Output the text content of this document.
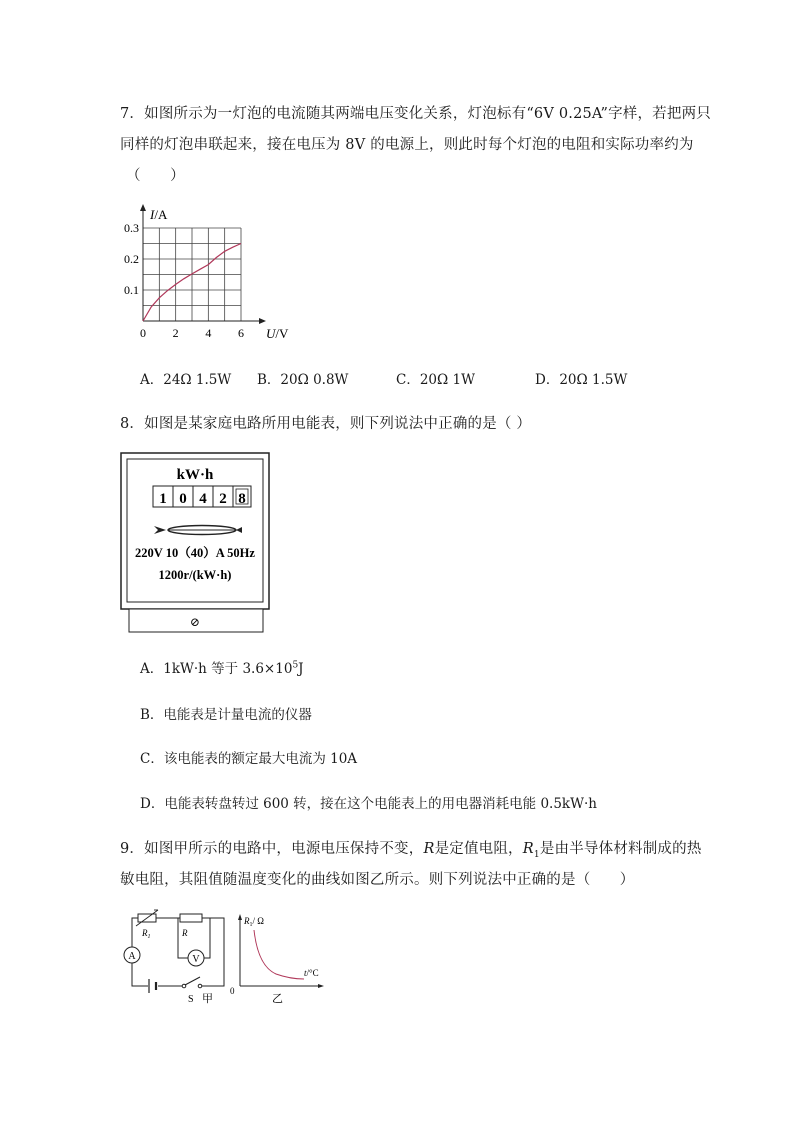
7．如图所示为一灯泡的电流随其两端电压变化关系，灯泡标有“6V 0.25A”字样，若把两只
同样的灯泡串联起来，接在电压为 8V 的电源上，则此时每个灯泡的电阻和实际功率约为
（　　）
0 2 4 6
0.1
0.2
0.3
I/A
U/V
A．24Ω 1.5W B．20Ω 0.8W	C．20Ω 1W	D．20Ω 1.5W
8．如图是某家庭电路所用电能表，则下列说法中正确的是（ ）
kW·h
1 0 4 2 8
220V 10（40）A 50Hz
1200r/(kW·h)
⊘
A．1kW·h 等于 $3.6\times 10^5J$
B．电能表是计量电流的仪器
C．该电能表的额定最大电流为 10A
D．电能表转盘转过 600 转，接在这个电能表上的用电器消耗电能 0.5kW·h
9．如图甲所示的电路中，电源电压保持不变，R是定值电阻，$R_1$是由半导体材料制成的热
敏电阻，其阻值随温度变化的曲线如图乙所示。则下列说法中正确的是（　　）
S 甲
A
$R_1$	R
V
$R_1/$ Ω
t/°C
0
乙
